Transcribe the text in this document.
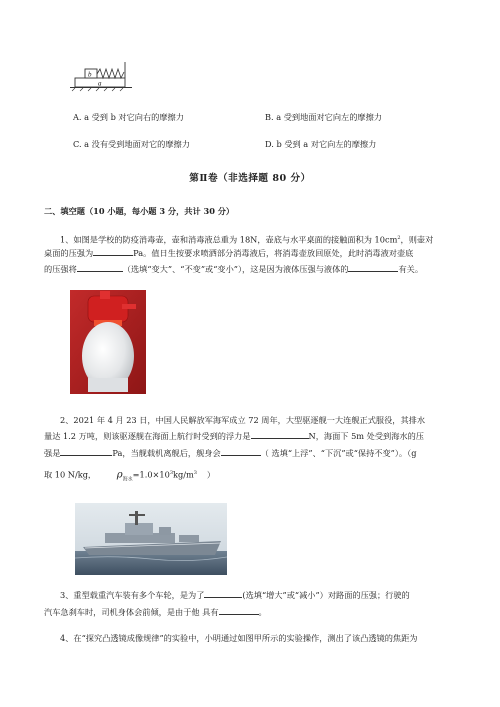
b
a
A. a 受到 b 对它向右的摩擦力	B. a 受到地面对它向左的摩擦力
C. a 没有受到地面对它的摩擦力	D. b 受到 a 对它向左的摩擦力
第Ⅱ卷（非选择题 80 分）
二、填空题（10 小题，每小题 3 分，共计 30 分）
1、如图是学校的防疫消毒壶，壶和消毒液总重为 18N，壶底与水平桌面的接触面积为 $10cm^2$，则壶对
桌面的压强为	Pa。值日生按要求喷洒部分消毒液后，将消毒壶放回原处，此时消毒液对壶底
的压强将	（选填“变大”、“不变”或“变小”），这是因为液体压强与液体的	有关。
2、2021 年 4 月 23 日，中国人民解放军海军成立 72 周年，大型驱逐舰一大连舰正式服役，其排水
量达 1.2 万吨，则该驱逐舰在海面上航行时受到的浮力是	N，海面下 5m 处受到海水的压
强是	Pa，当舰载机离舰后，舰身会	（ 选填“上浮”、“下沉”或“保持不变”）。（g
取 10 N/kg， $\rho_{海水}=1.0\times 10^3kg/m^3$ ）
3、重型载重汽车装有多个车轮，是为了	(选填“增大”或“减小”）对路面的压强；行驶的
汽车急刹车时，司机身体会前倾，是由于他 具有	。
4、在“探究凸透镜成像规律”的实验中，小明通过如图甲所示的实验操作，测出了该凸透镜的焦距为
